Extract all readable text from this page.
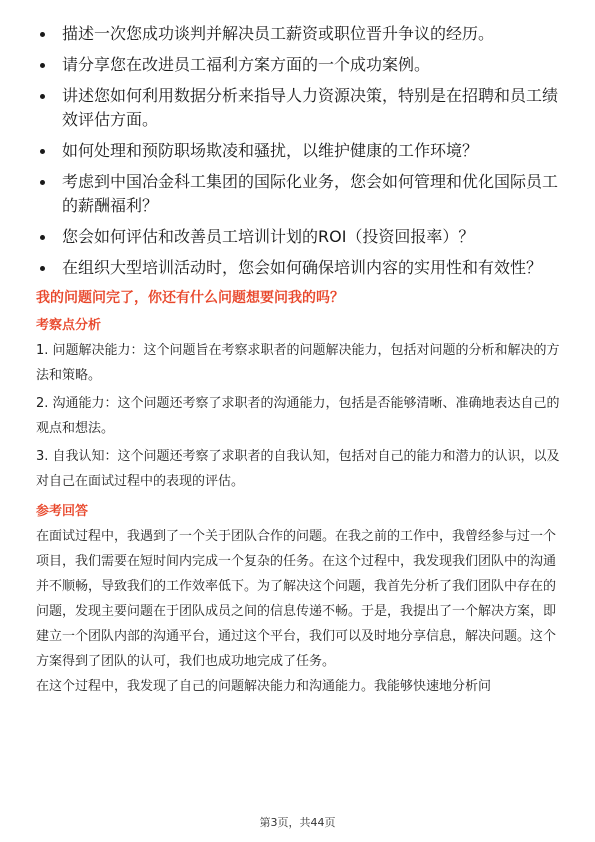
描述一次您成功谈判并解决员工薪资或职位晋升争议的经历。
请分享您在改进员工福利方案方面的一个成功案例。
讲述您如何利用数据分析来指导人力资源决策，特别是在招聘和员工绩效评估方面。
如何处理和预防职场欺凌和骚扰，以维护健康的工作环境？
考虑到中国冶金科工集团的国际化业务，您会如何管理和优化国际员工的薪酬福利？
您会如何评估和改善员工培训计划的ROI（投资回报率）？
在组织大型培训活动时，您会如何确保培训内容的实用性和有效性？
我的问题问完了，你还有什么问题想要问我的吗？
考察点分析

1. 问题解决能力：这个问题旨在考察求职者的问题解决能力，包括对问题的分析和解决的方法和策略。

2. 沟通能力：这个问题还考察了求职者的沟通能力，包括是否能够清晰、准确地表达自己的观点和想法。

3. 自我认知：这个问题还考察了求职者的自我认知，包括对自己的能力和潜力的认识，以及对自己在面试过程中的表现的评估。

参考回答

在面试过程中，我遇到了一个关于团队合作的问题。在我之前的工作中，我曾经参与过一个项目，我们需要在短时间内完成一个复杂的任务。在这个过程中，我发现我们团队中的沟通并不顺畅，导致我们的工作效率低下。为了解决这个问题，我首先分析了我们团队中存在的问题，发现主要问题在于团队成员之间的信息传递不畅。于是，我提出了一个解决方案，即建立一个团队内部的沟通平台，通过这个平台，我们可以及时地分享信息，解决问题。这个方案得到了团队的认可，我们也成功地完成了任务。

在这个过程中，我发现了自己的问题解决能力和沟通能力。我能够快速地分析问

第3页，共44页
